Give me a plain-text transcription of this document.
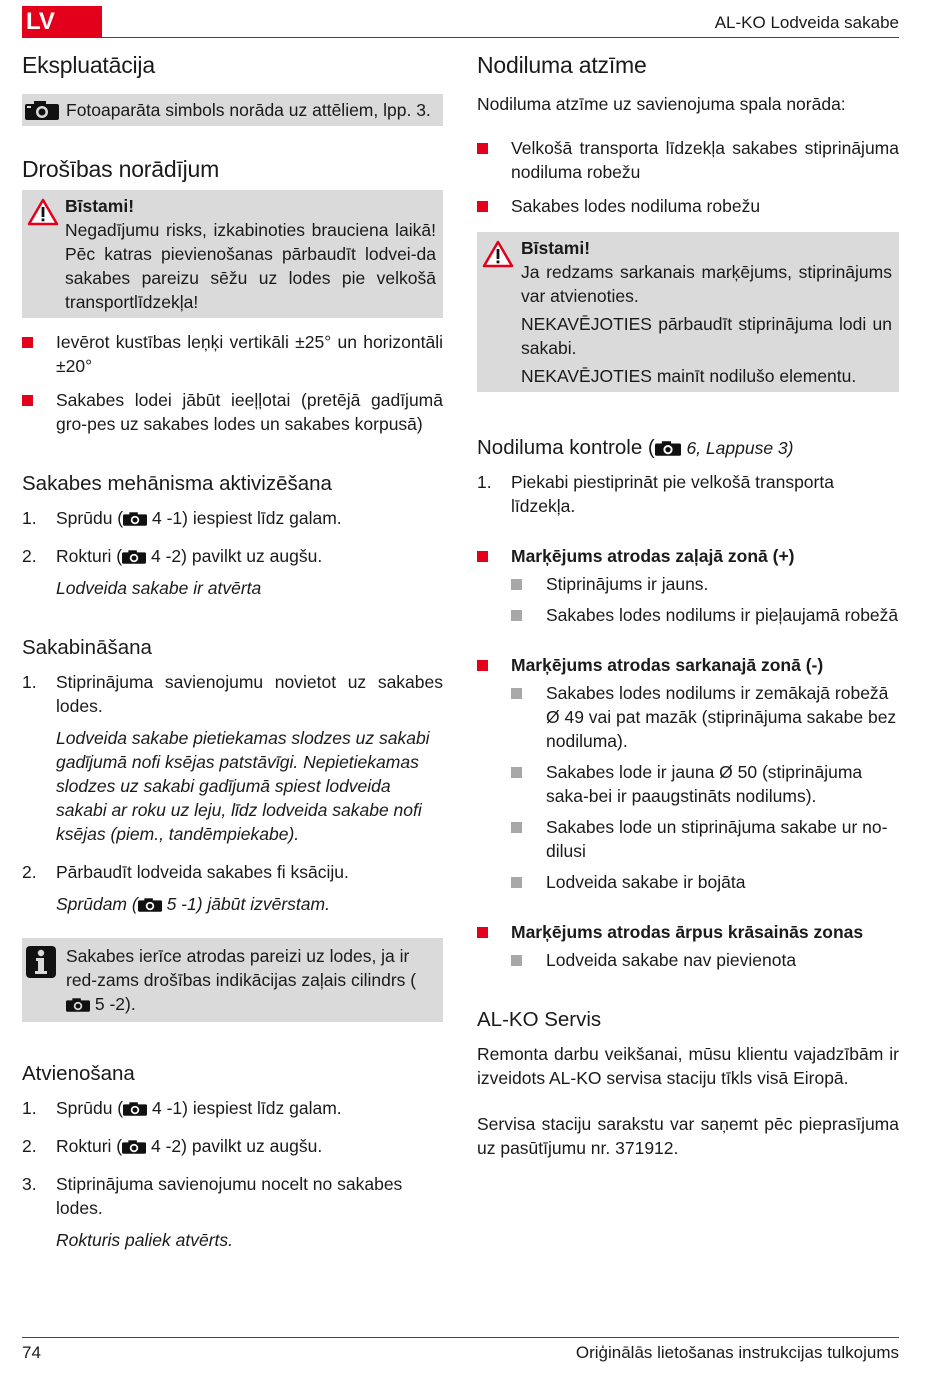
LV	AL-KO Lodveida sakabe
Ekspluatācija
Fotoaparāta simbols norāda uz attēliem, lpp. 3.
Drošības norādījum
Bīstami!
Negadījumu risks, izkabinoties brauciena laikā! Pēc katras pievienošanas pārbaudīt lodvei-da sakabes pareizu sēžu uz lodes pie velkošā transportlīdzekļa!
Ievērot kustības leņķi vertikāli ±25° un horizontāli ±20°
Sakabes lodei jābūt ieeļļotai (pretējā gadījumā gro-pes uz sakabes lodes un sakabes korpusā)
Sakabes mehānisma aktivizēšana
1. Sprūdu ( 4 -1) iespiest līdz galam.
2. Rokturi ( 4 -2) pavilkt uz augšu.
Lodveida sakabe ir atvērta
Sakabināšana
1. Stiprinājuma savienojumu novietot uz sakabes lodes.
Lodveida sakabe pietiekamas slodzes uz sakabi gadījumā nofi ksējas patstāvīgi. Nepietiekamas slodzes uz sakabi gadījumā spiest lodveida sakabi ar roku uz leju, līdz lodveida sakabe nofi ksējas (piem., tandēmpiekabe).
2. Pārbaudīt lodveida sakabes fi ksāciju.
Sprūdam ( 5 -1) jābūt izvērstam.
Sakabes ierīce atrodas pareizi uz lodes, ja ir red-zams drošības indikācijas zaļais cilindrs ( 5 -2).
Atvienošana
1. Sprūdu ( 4 -1) iespiest līdz galam.
2. Rokturi ( 4 -2) pavilkt uz augšu.
3. Stiprinājuma savienojumu nocelt no sakabes lodes.
Rokturis paliek atvērts.
Nodiluma atzīme

Nodiluma atzīme uz savienojuma spala norāda:

Velkošā transporta līdzekļa sakabes stiprinājuma nodiluma robežu
Sakabes lodes nodiluma robežu
Bīstami!
Ja redzams sarkanais marķējums, stiprinājums var atvienoties.
NEKAVĒJOTIES pārbaudīt stiprinājuma lodi un sakabi.
NEKAVĒJOTIES mainīt nodilušo elementu.
Nodiluma kontrole ( 6, Lappuse 3)
1. Piekabi piestiprināt pie velkošā transporta līdzekļa.
Marķējums atrodas zaļajā zonā (+)
Stiprinājums ir jauns.
Sakabes lodes nodilums ir pieļaujamā robežā
Marķējums atrodas sarkanajā zonā (-)
Sakabes lodes nodilums ir zemākajā robežā Ø 49 vai pat mazāk (stiprinājuma sakabe bez nodiluma).
Sakabes lode ir jauna Ø 50 (stiprinājuma saka-bei ir paaugstināts nodilums).
Sakabes lode un stiprinājuma sakabe ur no-dilusi
Lodveida sakabe ir bojāta
Marķējums atrodas ārpus krāsainās zonas
Lodveida sakabe nav pievienota
AL-KO Servis

Remonta darbu veikšanai, mūsu klientu vajadzībām ir izveidots AL-KO servisa staciju tīkls visā Eiropā.

Servisa staciju sarakstu var saņemt pēc pieprasījuma uz pasūtījumu nr. 371912.

74	Oriģinālās lietošanas instrukcijas tulkojums
